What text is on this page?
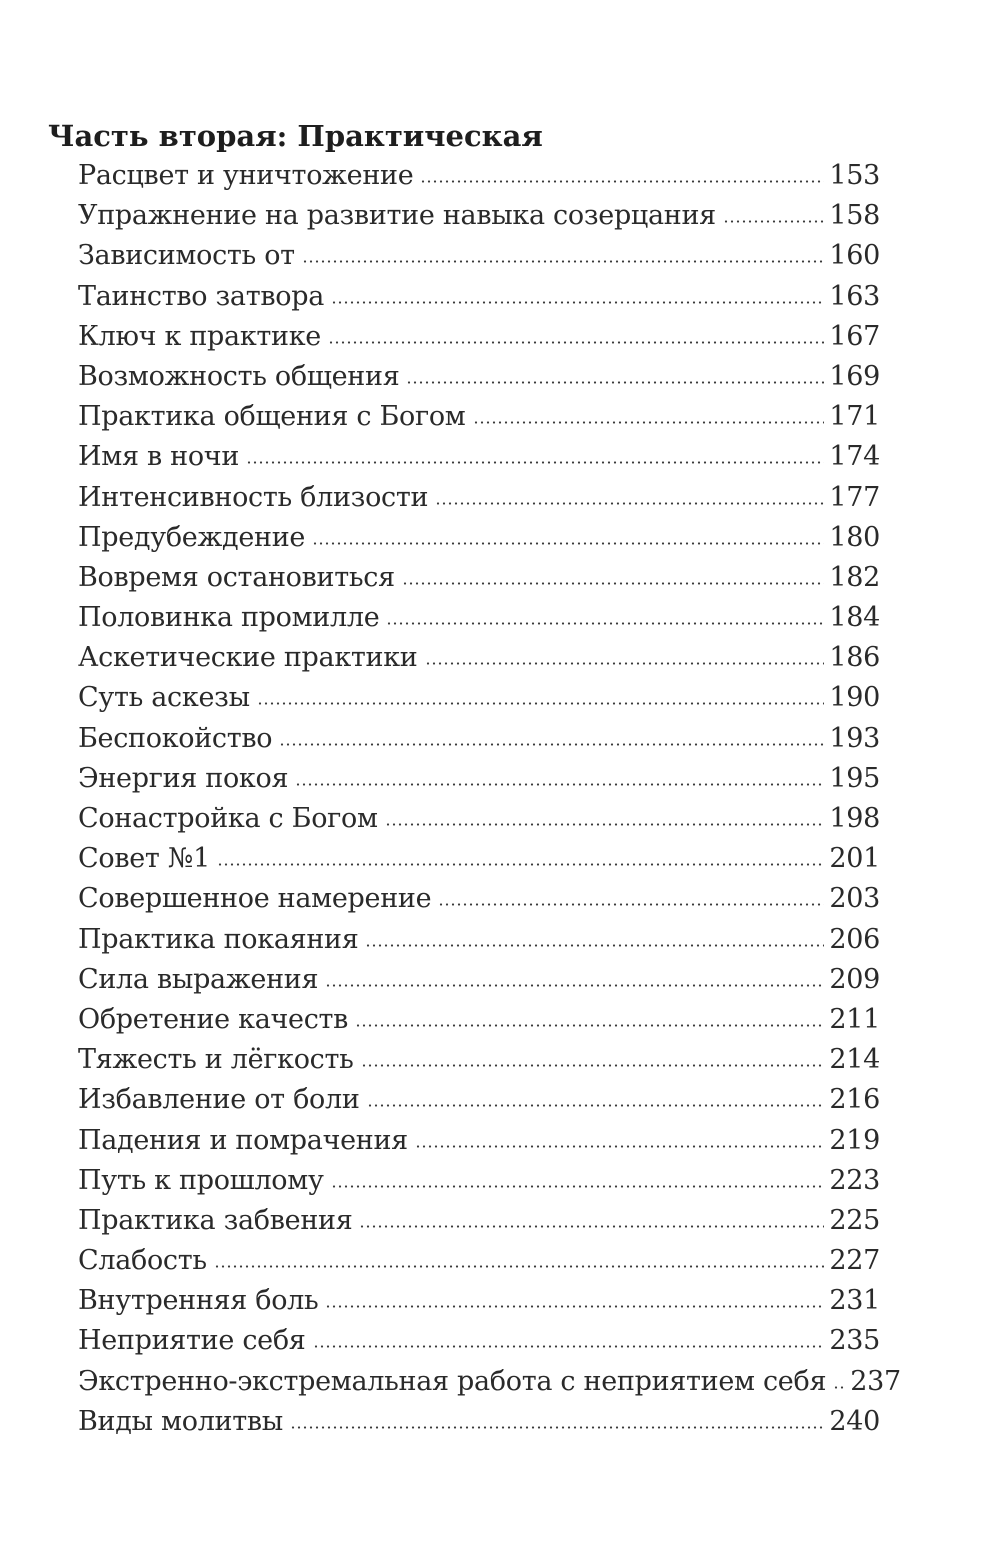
Часть вторая: Практическая
Расцвет и уничтожение	153
Упражнение на развитие навыка созерцания	158
Зависимость от	160
Таинство затвора	163
Ключ к практике	167
Возможность общения	169
Практика общения с Богом	171
Имя в ночи	174
Интенсивность близости	177
Предубеждение	180
Вовремя остановиться	182
Половинка промилле	184
Аскетические практики	186
Суть аскезы	190
Беспокойство	193
Энергия покоя	195
Сонастройка с Богом	198
Совет №1	201
Совершенное намерение	203
Практика покаяния	206
Сила выражения	209
Обретение качеств	211
Тяжесть и лёгкость	214
Избавление от боли	216
Падения и помрачения	219
Путь к прошлому	223
Практика забвения	225
Слабость	227
Внутренняя боль	231
Неприятие себя	235
Экстренно-экстремальная работа с неприятием себя 237
Виды молитвы	240
